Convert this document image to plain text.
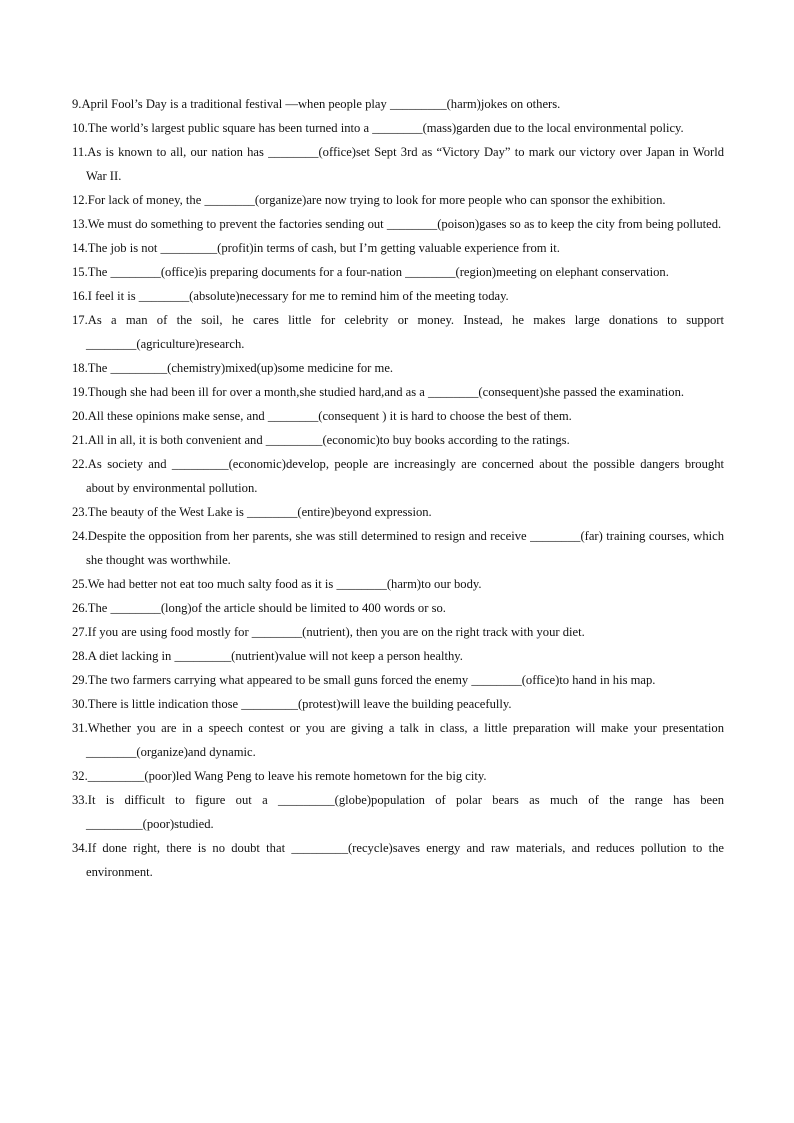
9.April Fool’s Day is a traditional festival —when people play _________(harm)jokes on others.

10.The world’s largest public square has been turned into a ________(mass)garden due to the local environmental policy.

11.As is known to all, our nation has ________(office)set Sept 3rd as “Victory Day” to mark our victory over Japan in World War II.

12.For lack of money, the ________(organize)are now trying to look for more people who can sponsor the exhibition.

13.We must do something to prevent the factories sending out ________(poison)gases so as to keep the city from being polluted.

14.The job is not _________(profit)in terms of cash, but I’m getting valuable experience from it.

15.The ________(office)is preparing documents for a four-nation ________(region)meeting on elephant conservation.

16.I feel it is ________(absolute)necessary for me to remind him of the meeting today.

17.As a man of the soil, he cares little for celebrity or money. Instead, he makes large donations to support ________(agriculture)research.

18.The _________(chemistry)mixed(up)some medicine for me.

19.Though she had been ill for over a month,she studied hard,and as a ________(consequent)she passed the examination.

20.All these opinions make sense, and ________(consequent ) it is hard to choose the best of them.

21.All in all, it is both convenient and _________(economic)to buy books according to the ratings.

22.As society and _________(economic)develop, people are increasingly are concerned about the possible dangers brought about by environmental pollution.

23.The beauty of the West Lake is ________(entire)beyond expression.

24.Despite the opposition from her parents, she was still determined to resign and receive ________(far) training courses, which she thought was worthwhile.

25.We had better not eat too much salty food as it is ________(harm)to our body.

26.The ________(long)of the article should be limited to 400 words or so.

27.If you are using food mostly for ________(nutrient), then you are on the right track with your diet.

28.A diet lacking in _________(nutrient)value will not keep a person healthy.

29.The two farmers carrying what appeared to be small guns forced the enemy ________(office)to hand in his map.

30.There is little indication those _________(protest)will leave the building peacefully.

31.Whether you are in a speech contest or you are giving a talk in class, a little preparation will make your presentation ________(organize)and dynamic.

32._________(poor)led Wang Peng to leave his remote hometown for the big city.

33.It is difficult to figure out a _________(globe)population of polar bears as much of the range has been _________(poor)studied.

34.If done right, there is no doubt that _________(recycle)saves energy and raw materials, and reduces pollution to the environment.
